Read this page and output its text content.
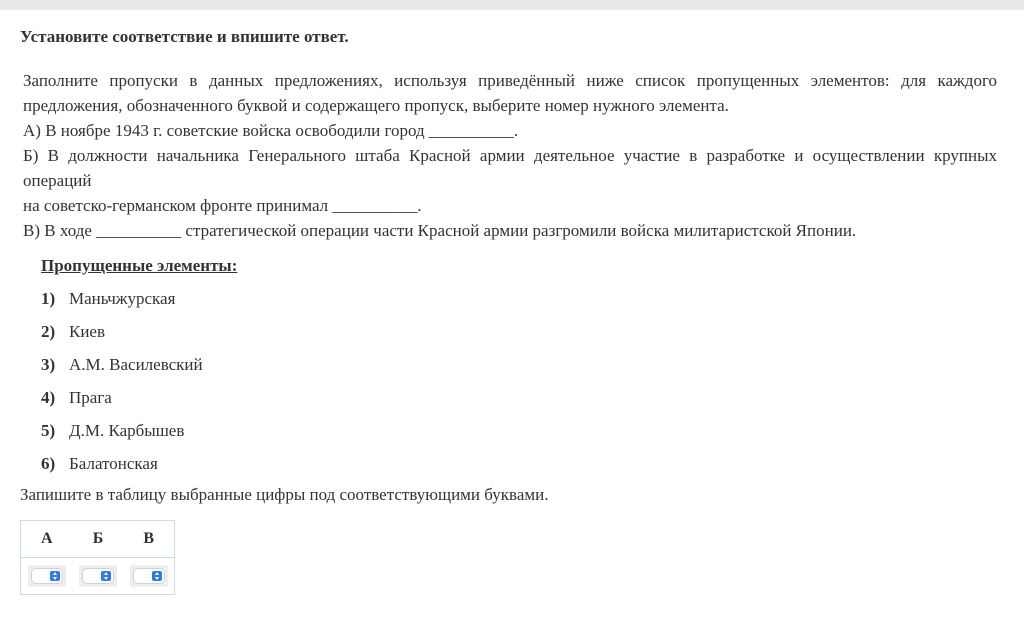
Установите соответствие и впишите ответ.

Заполните пропуски в данных предложениях, используя приведённый ниже список пропущенных элементов: для каждого предложения, обозначенного буквой и содержащего пропуск, выберите номер нужного элемента.

А) В ноябре 1943 г. советские войска освободили город __________.

Б) В должности начальника Генерального штаба Красной армии деятельное участие в разработке и осуществлении крупных операций

на советско-германском фронте принимал __________.

В) В ходе __________ стратегической операции части Красной армии разгромили войска милитаристской Японии.

Пропущенные элементы:
1) Маньчжурская
2) Киев
3) А.М. Василевский
4) Прага
5) Д.М. Карбышев
6) Балатонская
Запишите в таблицу выбранные цифры под соответствующими буквами.
А	Б	В
